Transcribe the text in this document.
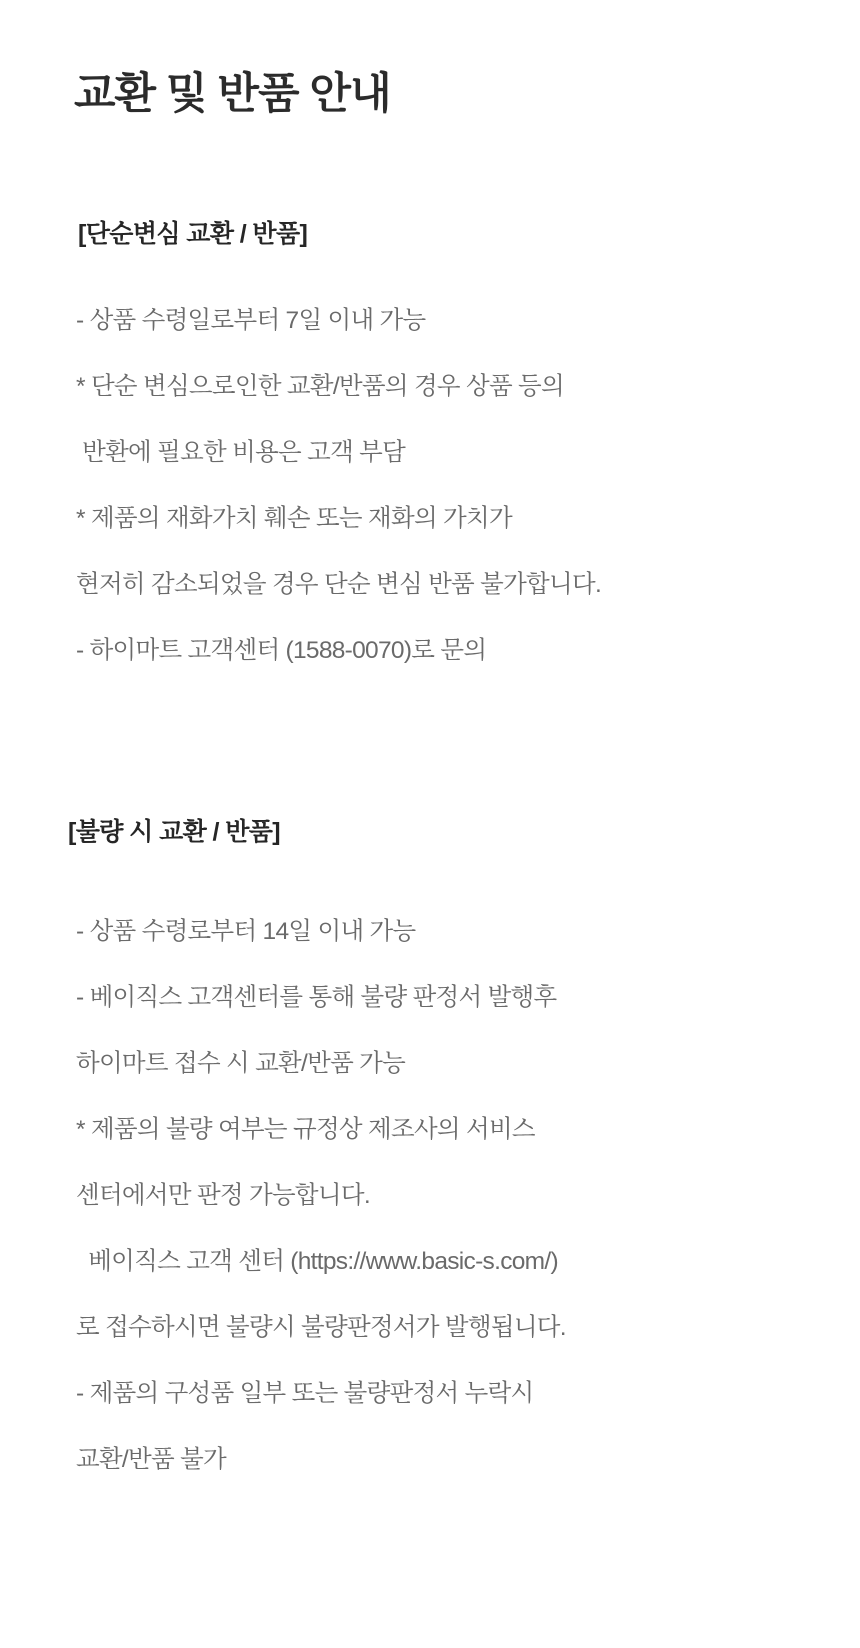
교환 및 반품 안내
[단순변심 교환 / 반품]
- 상품 수령일로부터 7일 이내 가능
* 단순 변심으로인한 교환/반품의 경우 상품 등의
반환에 필요한 비용은 고객 부담
* 제품의 재화가치 훼손 또는 재화의 가치가
현저히 감소되었을 경우 단순 변심 반품 불가합니다.
- 하이마트 고객센터 (1588-0070)로 문의
[불량 시 교환 / 반품]
- 상품 수령로부터 14일 이내 가능
- 베이직스 고객센터를 통해 불량 판정서 발행후
하이마트 접수 시 교환/반품 가능
* 제품의 불량 여부는 규정상 제조사의 서비스
센터에서만 판정 가능합니다.
베이직스 고객 센터 (https://www.basic-s.com/)
로 접수하시면 불량시 불량판정서가 발행됩니다.
- 제품의 구성품 일부 또는 불량판정서 누락시
교환/반품 불가
